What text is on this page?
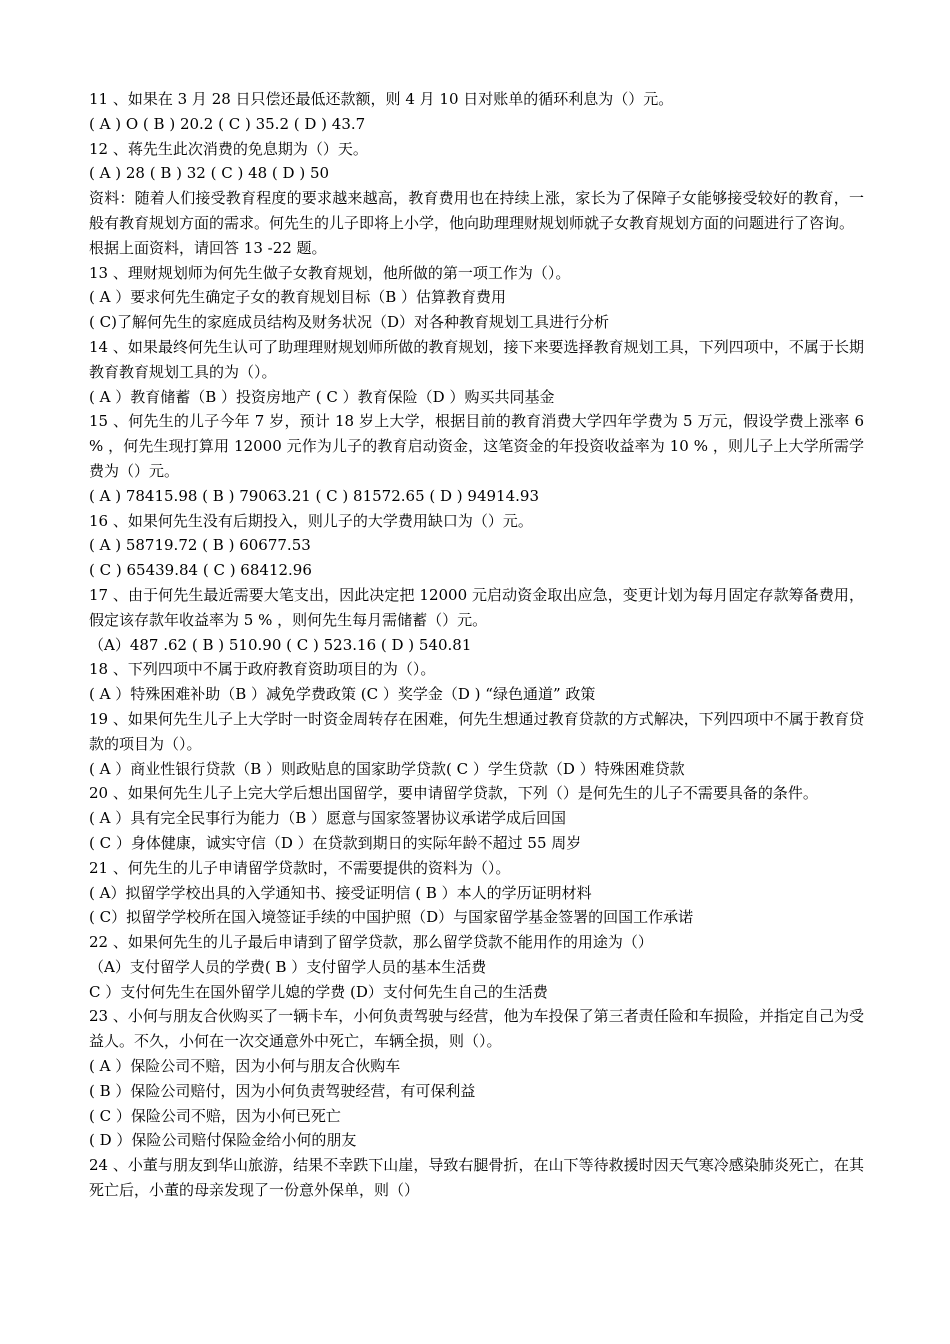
11 、如果在 3 月 28 日只偿还最低还款额，则 4 月 10 日对账单的循环利息为（）元。

( A ) O ( B ) 20.2 ( C ) 35.2 ( D ) 43.7

12 、蒋先生此次消费的免息期为（）天。

( A ) 28 ( B ) 32 ( C ) 48 ( D ) 50

资料：随着人们接受教育程度的要求越来越高，教育费用也在持续上涨，家长为了保障子女能够接受较好的教育，一般有教育规划方面的需求。何先生的儿子即将上小学，他向助理理财规划师就子女教育规划方面的问题进行了咨询。

根据上面资料，请回答 13 -22 题。

13 、理财规划师为何先生做子女教育规划，他所做的第一项工作为（）。

( A ）要求何先生确定子女的教育规划目标（B ）估算教育费用

( C)了解何先生的家庭成员结构及财务状况（D）对各种教育规划工具进行分析

14 、如果最终何先生认可了助理理财规划师所做的教育规划，接下来要选择教育规划工具，下列四项中，不属于长期教育教育规划工具的为（）。

( A ）教育储蓄（B ）投资房地产 ( C ）教育保险（D ）购买共同基金

15 、何先生的儿子今年 7 岁，预计 18 岁上大学，根据目前的教育消费大学四年学费为 5 万元，假设学费上涨率 6 % ，何先生现打算用 12000 元作为儿子的教育启动资金，这笔资金的年投资收益率为 10 % ，则儿子上大学所需学费为（）元。

( A ) 78415.98 ( B ) 79063.21 ( C ) 81572.65 ( D ) 94914.93

16 、如果何先生没有后期投入，则儿子的大学费用缺口为（）元。

( A ) 58719.72 ( B ) 60677.53

( C ) 65439.84 ( C ) 68412.96

17 、由于何先生最近需要大笔支出，因此决定把 12000 元启动资金取出应急，变更计划为每月固定存款筹备费用，假定该存款年收益率为 5 % ，则何先生每月需储蓄（）元。

（A）487 .62 ( B ) 510.90 ( C ) 523.16 ( D ) 540.81

18 、下列四项中不属于政府教育资助项目的为（）。

( A ）特殊困难补助（B ）减免学费政策 (C ）奖学金（D ) “绿色通道” 政策

19 、如果何先生儿子上大学时一时资金周转存在困难，何先生想通过教育贷款的方式解决，下列四项中不属于教育贷款的项目为（）。

( A ）商业性银行贷款（B ）则政贴息的国家助学贷款( C ）学生贷款（D ）特殊困难贷款

20 、如果何先生儿子上完大学后想出国留学，要申请留学贷款，下列（）是何先生的儿子不需要具备的条件。

( A ）具有完全民事行为能力（B ）愿意与国家签署协议承诺学成后回国

( C ）身体健康，诚实守信（D ）在贷款到期日的实际年龄不超过 55 周岁

21 、何先生的儿子申请留学贷款时，不需要提供的资料为（）。

( A）拟留学学校出具的入学通知书、接受证明信 ( B ）本人的学历证明材料

( C）拟留学学校所在国入境签证手续的中国护照（D）与国家留学基金签署的回国工作承诺

22 、如果何先生的儿子最后申请到了留学贷款，那么留学贷款不能用作的用途为（）

（A）支付留学人员的学费( B ）支付留学人员的基本生活费

C ）支付何先生在国外留学儿媳的学费 (D）支付何先生自己的生活费

23 、小何与朋友合伙购买了一辆卡车，小何负责驾驶与经营，他为车投保了第三者责任险和车损险，并指定自己为受益人。不久，小何在一次交通意外中死亡，车辆全损，则（）。

( A ）保险公司不赔，因为小何与朋友合伙购车

( B ）保险公司赔付，因为小何负责驾驶经营，有可保利益

( C ）保险公司不赔，因为小何已死亡

( D ）保险公司赔付保险金给小何的朋友

24 、小董与朋友到华山旅游，结果不幸跌下山崖，导致右腿骨折，在山下等待救援时因天气寒冷感染肺炎死亡，在其死亡后，小董的母亲发现了一份意外保单，则（）
